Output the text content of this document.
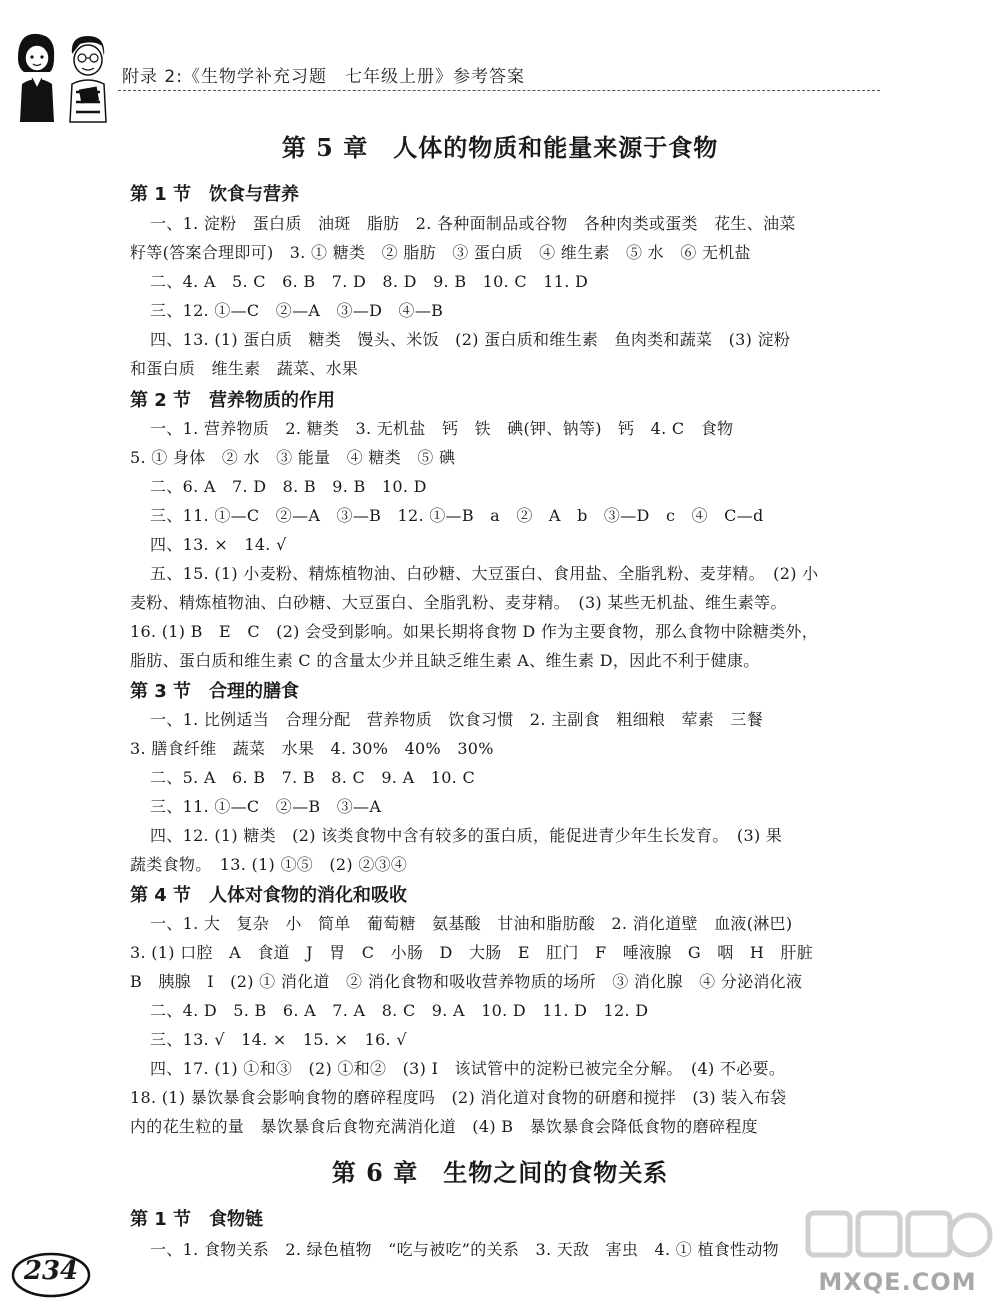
附录 2:《生物学补充习题　七年级上册》参考答案
第 5 章　人体的物质和能量来源于食物
第 1 节　饮食与营养
一、1. 淀粉　蛋白质　油斑　脂肪　2. 各种面制品或谷物　各种肉类或蛋类　花生、油菜
籽等(答案合理即可)　3. ① 糖类　② 脂肪　③ 蛋白质　④ 维生素　⑤ 水　⑥ 无机盐
二、4. A　5. C　6. B　7. D　8. D　9. B　10. C　11. D
三、12. ①—C　②—A　③—D　④—B
四、13. (1) 蛋白质　糖类　馒头、米饭　(2) 蛋白质和维生素　鱼肉类和蔬菜　(3) 淀粉
和蛋白质　维生素　蔬菜、水果
第 2 节　营养物质的作用
一、1. 营养物质　2. 糖类　3. 无机盐　钙　铁　碘(钾、钠等)　钙　4. C　食物
5. ① 身体　② 水　③ 能量　④ 糖类　⑤ 碘
二、6. A　7. D　8. B　9. B　10. D
三、11. ①—C　②—A　③—B　12. ①—B　a　②　A　b　③—D　c　④　C—d
四、13. ×　14. √
五、15. (1) 小麦粉、精炼植物油、白砂糖、大豆蛋白、食用盐、全脂乳粉、麦芽精。　(2) 小
麦粉、精炼植物油、白砂糖、大豆蛋白、全脂乳粉、麦芽精。　(3) 某些无机盐、维生素等。
16. (1) B　E　C　(2) 会受到影响。如果长期将食物 D 作为主要食物，那么食物中除糖类外，
脂肪、蛋白质和维生素 C 的含量太少并且缺乏维生素 A、维生素 D，因此不利于健康。
第 3 节　合理的膳食
一、1. 比例适当　合理分配　营养物质　饮食习惯　2. 主副食　粗细粮　荤素　三餐
3. 膳食纤维　蔬菜　水果　4. 30%　40%　30%
二、5. A　6. B　7. B　8. C　9. A　10. C
三、11. ①—C　②—B　③—A
四、12. (1) 糖类　(2) 该类食物中含有较多的蛋白质，能促进青少年生长发育。　(3) 果
蔬类食物。　13. (1) ①⑤　(2) ②③④
第 4 节　人体对食物的消化和吸收
一、1. 大　复杂　小　简单　葡萄糖　氨基酸　甘油和脂肪酸　2. 消化道壁　血液(淋巴)
3. (1) 口腔　A　食道　J　胃　C　小肠　D　大肠　E　肛门　F　唾液腺　G　咽　H　肝脏
B　胰腺　I　(2) ① 消化道　② 消化食物和吸收营养物质的场所　③ 消化腺　④ 分泌消化液
二、4. D　5. B　6. A　7. A　8. C　9. A　10. D　11. D　12. D
三、13. √　14. ×　15. ×　16. √
四、17. (1) ①和③　(2) ①和②　(3) Ⅰ　该试管中的淀粉已被完全分解。　(4) 不必要。
18. (1) 暴饮暴食会影响食物的磨碎程度吗　(2) 消化道对食物的研磨和搅拌　(3) 装入布袋
内的花生粒的量　暴饮暴食后食物充满消化道　(4) B　暴饮暴食会降低食物的磨碎程度
第 6 章　生物之间的食物关系
第 1 节　食物链
一、1. 食物关系　2. 绿色植物　“吃与被吃”的关系　3. 天敌　害虫　4. ① 植食性动物
234	MXQE.COM
